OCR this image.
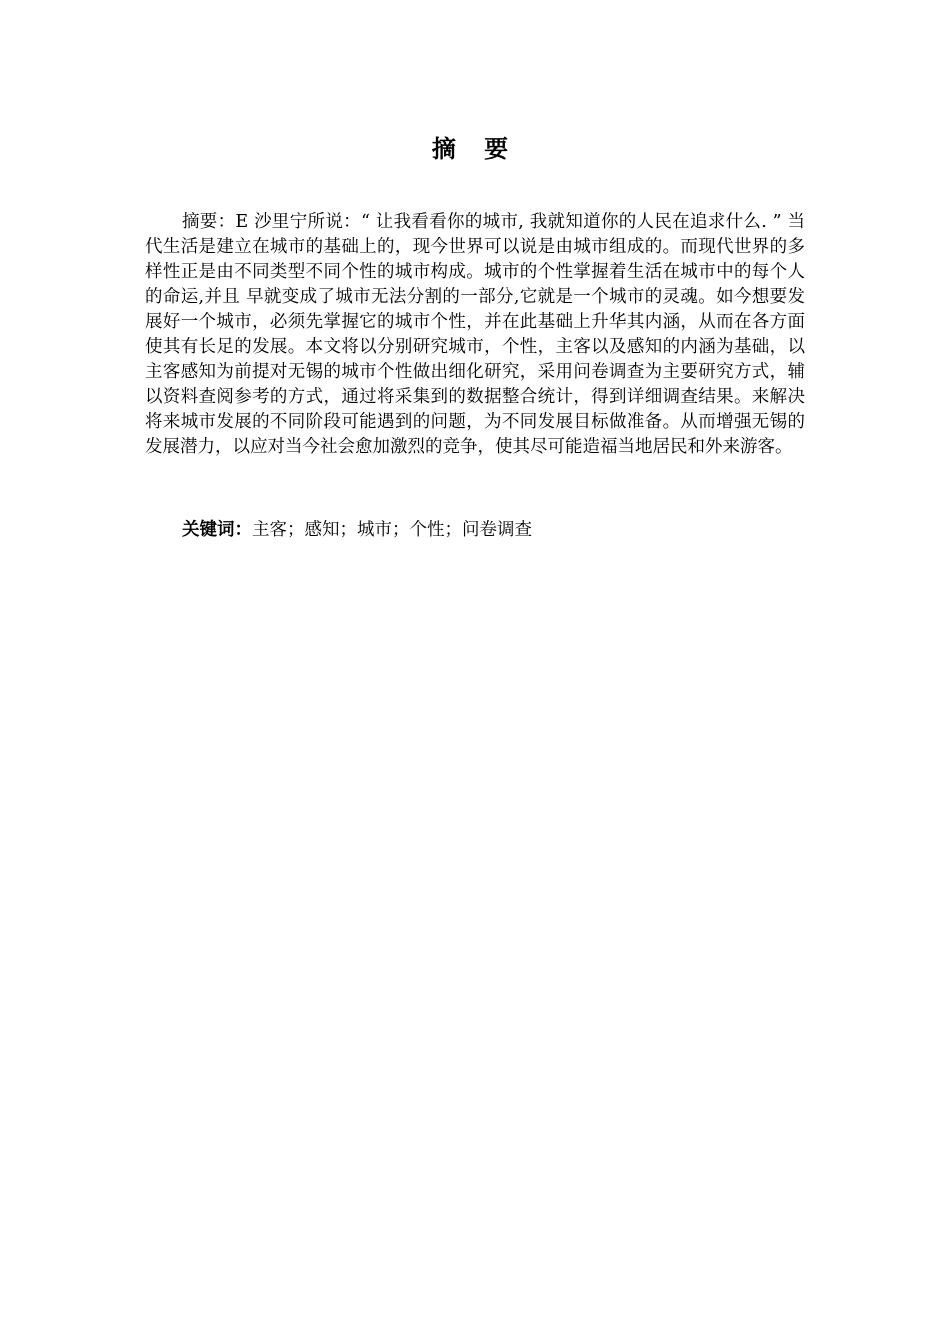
摘 要

摘要：E 沙里宁所说：“ 让我看看你的城市, 我就知道你的人民在追求什么. ” 当代生活是建立在城市的基础上的，现今世界可以说是由城市组成的。而现代世界的多样性正是由不同类型不同个性的城市构成。城市的个性掌握着生活在城市中的每个人的命运,并且 早就变成了城市无法分割的一部分,它就是一个城市的灵魂。如今想要发展好一个城市，必须先掌握它的城市个性，并在此基础上升华其内涵，从而在各方面使其有长足的发展。本文将以分别研究城市，个性，主客以及感知的内涵为基础，以主客感知为前提对无锡的城市个性做出细化研究，采用问卷调查为主要研究方式，辅以资料查阅参考的方式，通过将采集到的数据整合统计，得到详细调查结果。来解决将来城市发展的不同阶段可能遇到的问题，为不同发展目标做准备。从而增强无锡的发展潜力，以应对当今社会愈加激烈的竞争，使其尽可能造福当地居民和外来游客。

关键词：主客；感知；城市；个性；问卷调查
